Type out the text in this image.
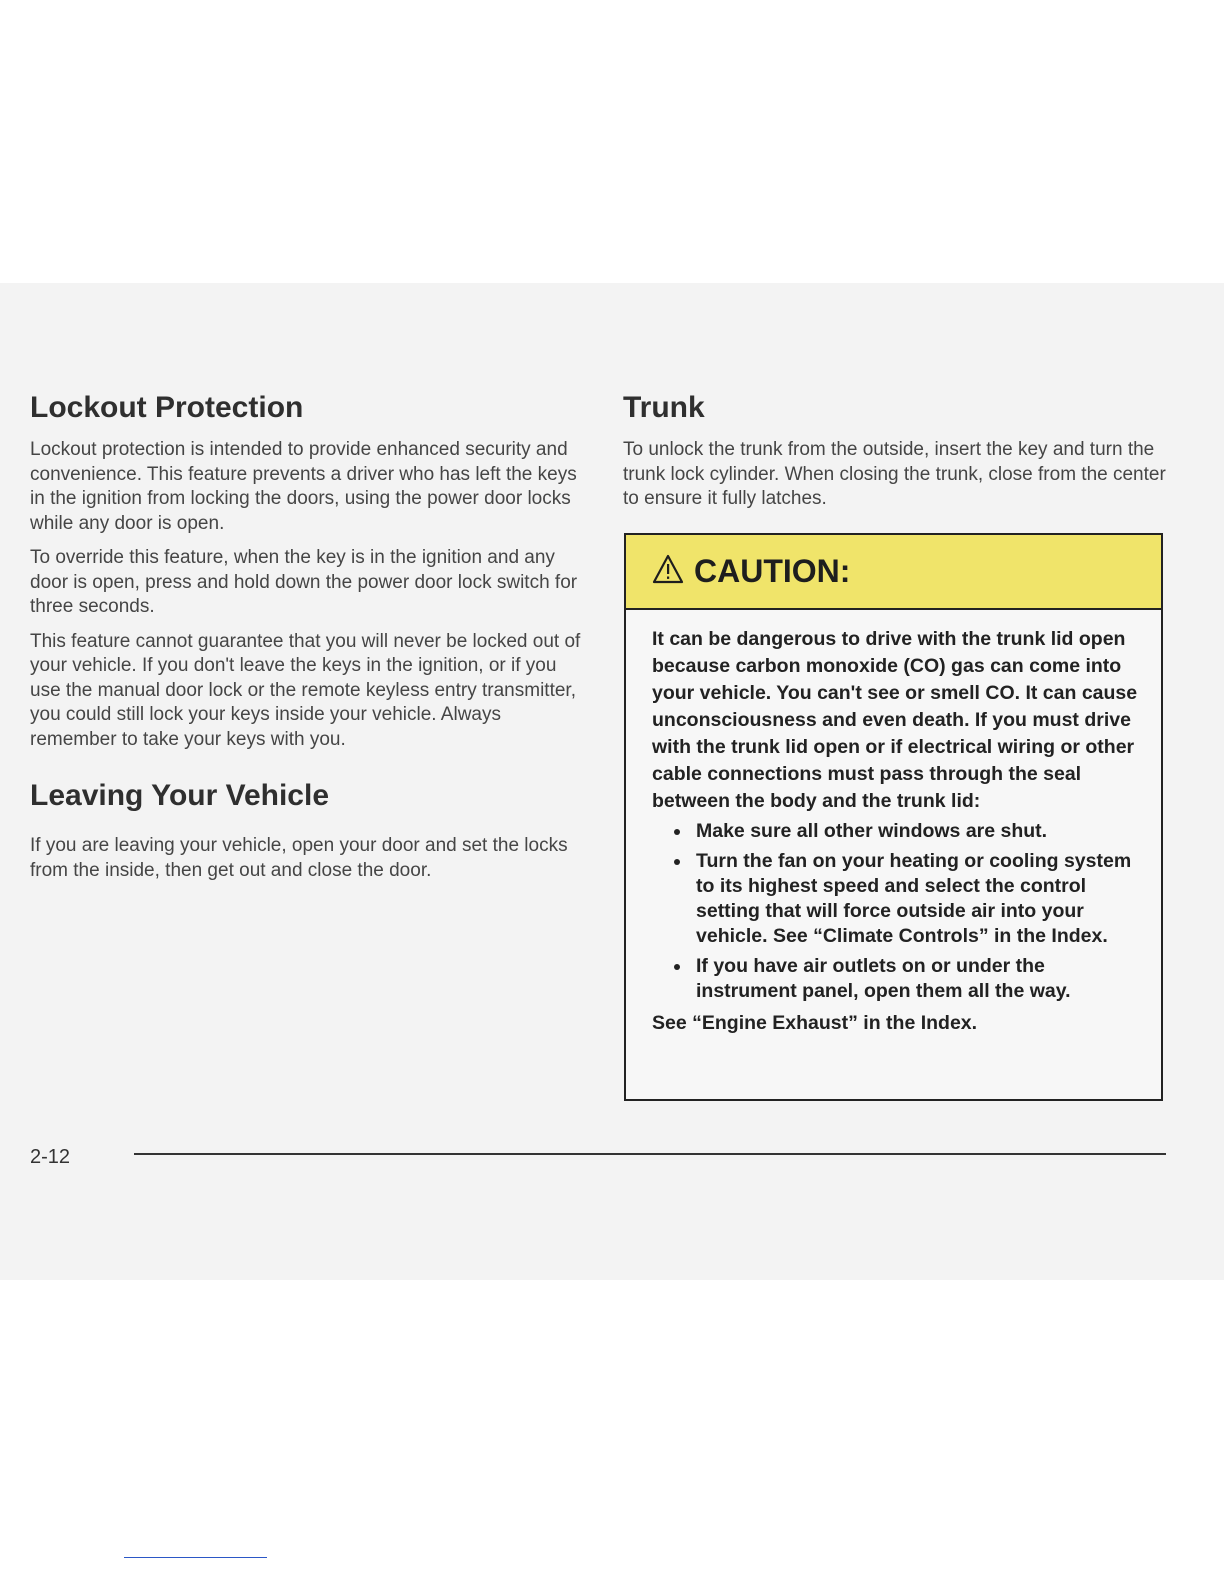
Lockout Protection

Lockout protection is intended to provide enhanced security and convenience. This feature prevents a driver who has left the keys in the ignition from locking the doors, using the power door locks while any door is open.

To override this feature, when the key is in the ignition and any door is open, press and hold down the power door lock switch for three seconds.

This feature cannot guarantee that you will never be locked out of your vehicle. If you don't leave the keys in the ignition, or if you use the manual door lock or the remote keyless entry transmitter, you could still lock your keys inside your vehicle. Always remember to take your keys with you.

Leaving Your Vehicle

If you are leaving your vehicle, open your door and set the locks from the inside, then get out and close the door.

Trunk

To unlock the trunk from the outside, insert the key and turn the trunk lock cylinder. When closing the trunk, close from the center to ensure it fully latches.

CAUTION:

It can be dangerous to drive with the trunk lid open because carbon monoxide (CO) gas can come into your vehicle. You can't see or smell CO. It can cause unconsciousness and even death. If you must drive with the trunk lid open or if electrical wiring or other cable connections must pass through the seal between the body and the trunk lid:

Make sure all other windows are shut.
Turn the fan on your heating or cooling system to its highest speed and select the control setting that will force outside air into your vehicle. See “Climate Controls” in the Index.
If you have air outlets on or under the instrument panel, open them all the way.

See “Engine Exhaust” in the Index.

2-12
